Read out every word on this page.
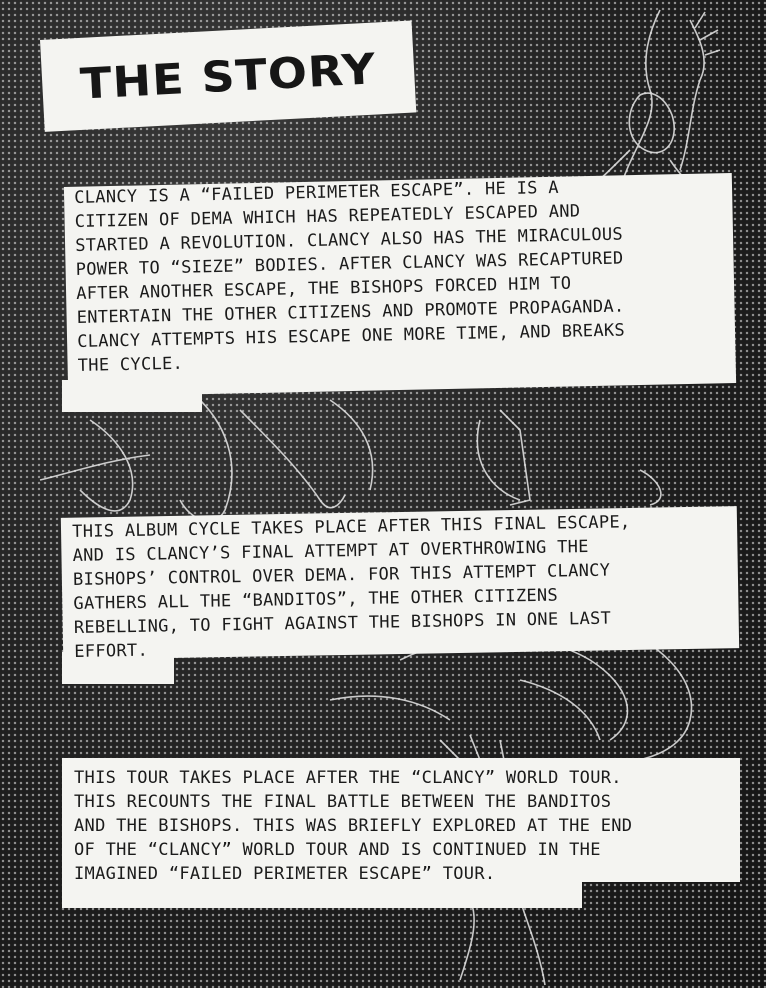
THE STORY

CLANCY IS A “FAILED PERIMETER ESCAPE”. HE IS A
CITIZEN OF DEMA WHICH HAS REPEATEDLY ESCAPED AND
STARTED A REVOLUTION. CLANCY ALSO HAS THE MIRACULOUS
POWER TO “SIEZE” BODIES. AFTER CLANCY WAS RECAPTURED
AFTER ANOTHER ESCAPE, THE BISHOPS FORCED HIM TO
ENTERTAIN THE OTHER CITIZENS AND PROMOTE PROPAGANDA.
CLANCY ATTEMPTS HIS ESCAPE ONE MORE TIME, AND BREAKS
THE CYCLE.

THIS ALBUM CYCLE TAKES PLACE AFTER THIS FINAL ESCAPE,
AND IS CLANCY’S FINAL ATTEMPT AT OVERTHROWING THE
BISHOPS’ CONTROL OVER DEMA. FOR THIS ATTEMPT CLANCY
GATHERS ALL THE “BANDITOS”, THE OTHER CITIZENS
REBELLING, TO FIGHT AGAINST THE BISHOPS IN ONE LAST
EFFORT.

THIS TOUR TAKES PLACE AFTER THE “CLANCY” WORLD TOUR.
THIS RECOUNTS THE FINAL BATTLE BETWEEN THE BANDITOS
AND THE BISHOPS. THIS WAS BRIEFLY EXPLORED AT THE END
OF THE “CLANCY” WORLD TOUR AND IS CONTINUED IN THE
IMAGINED “FAILED PERIMETER ESCAPE” TOUR.
